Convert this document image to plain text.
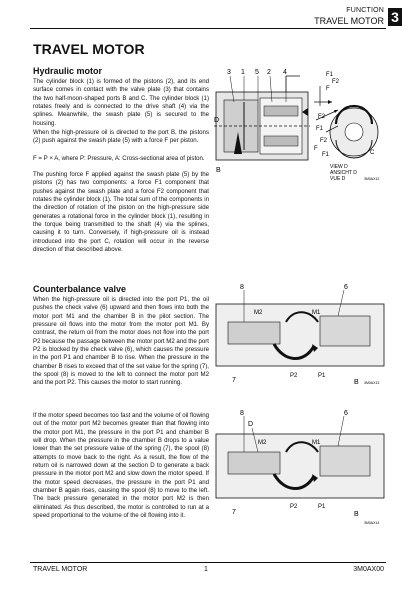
FUNCTION
TRAVEL MOTOR 3
TRAVEL MOTOR
Hydraulic motor

The cylinder block (1) is formed of the pistons (2), and its end surface comes in contact with the valve plate (3) that contains the two half-moon-shaped ports B and C. The cylinder block (1) rotates freely and is connected to the drive shaft (4) via the splines. Meanwhile, the swash plate (5) is secured to the housing.

When the high-pressure oil is directed to the port B, the pistons (2) push against the swash plate (5) with a force F per piston.

F = P × A, where P: Pressure, A: Cross-sectional area of piston.

The pushing force F applied against the swash plate (5) by the pistons (2) has two components: a force F1 component that pushes against the swash plate and a force F2 component that rotates the cylinder block (1). The total sum of the components in the direction of rotation of the piston on the high-pressure side generates a rotational force in the cylinder block (1), resulting in the torque being transmitted to the shaft (4) via the splines, causing it to turn. Conversely, if high-pressure oil is instead introduced into the port C, rotation will occur in the reverse direction of that described above.

3 1 5 2 4
D
B
F1
F2
F
F2
F1
F2
F
F1	C
VIEW D
ANSICHT D
VUE D	3M0AX12
Counterbalance valve

When the high-pressure oil is directed into the port P1, the oil pushes the check valve (6) upward and then flows into both the motor port M1 and the chamber B in the pilot section. The pressure oil flows into the motor from the motor port M1. By contrast, the return oil from the motor does not flow into the port P2 because the passage between the motor port M2 and the port P2 is blocked by the check valve (6), which causes the pressure in the port P1 and chamber B to rise. When the pressure in the chamber B rises to exceed that of the set value for the spring (7), the spool (8) is moved to the left to connect the motor port M2 and the port P2. This causes the motor to start running.

If the motor speed becomes too fast and the volume of oil flowing out of the motor port M2 becomes greater than that flowing into the motor port M1, the pressure in the port P1 and chamber B will drop. When the pressure in the chamber B drops to a value lower than the set pressure value of the spring (7), the spool (8) attempts to move back to the right. As a result, the flow of the return oil is narrowed down at the section D to generate a back pressure in the motor port M2 and slow down the motor speed. If the motor speed decreases, the pressure in the port P1 and chamber B again rises, causing the spool (8) to move to the left. The back pressure generated in the motor port M2 is then eliminated. As thus described, the motor is controlled to run at a speed proportional to the volume of the oil flowing into it.

8	6
M2	M1
7
P2	P1
B 3M0AX13
8	6
D
M2	M1
7
P2	P1
B
3M0AX14
TRAVEL MOTOR	1	3M0AX00
